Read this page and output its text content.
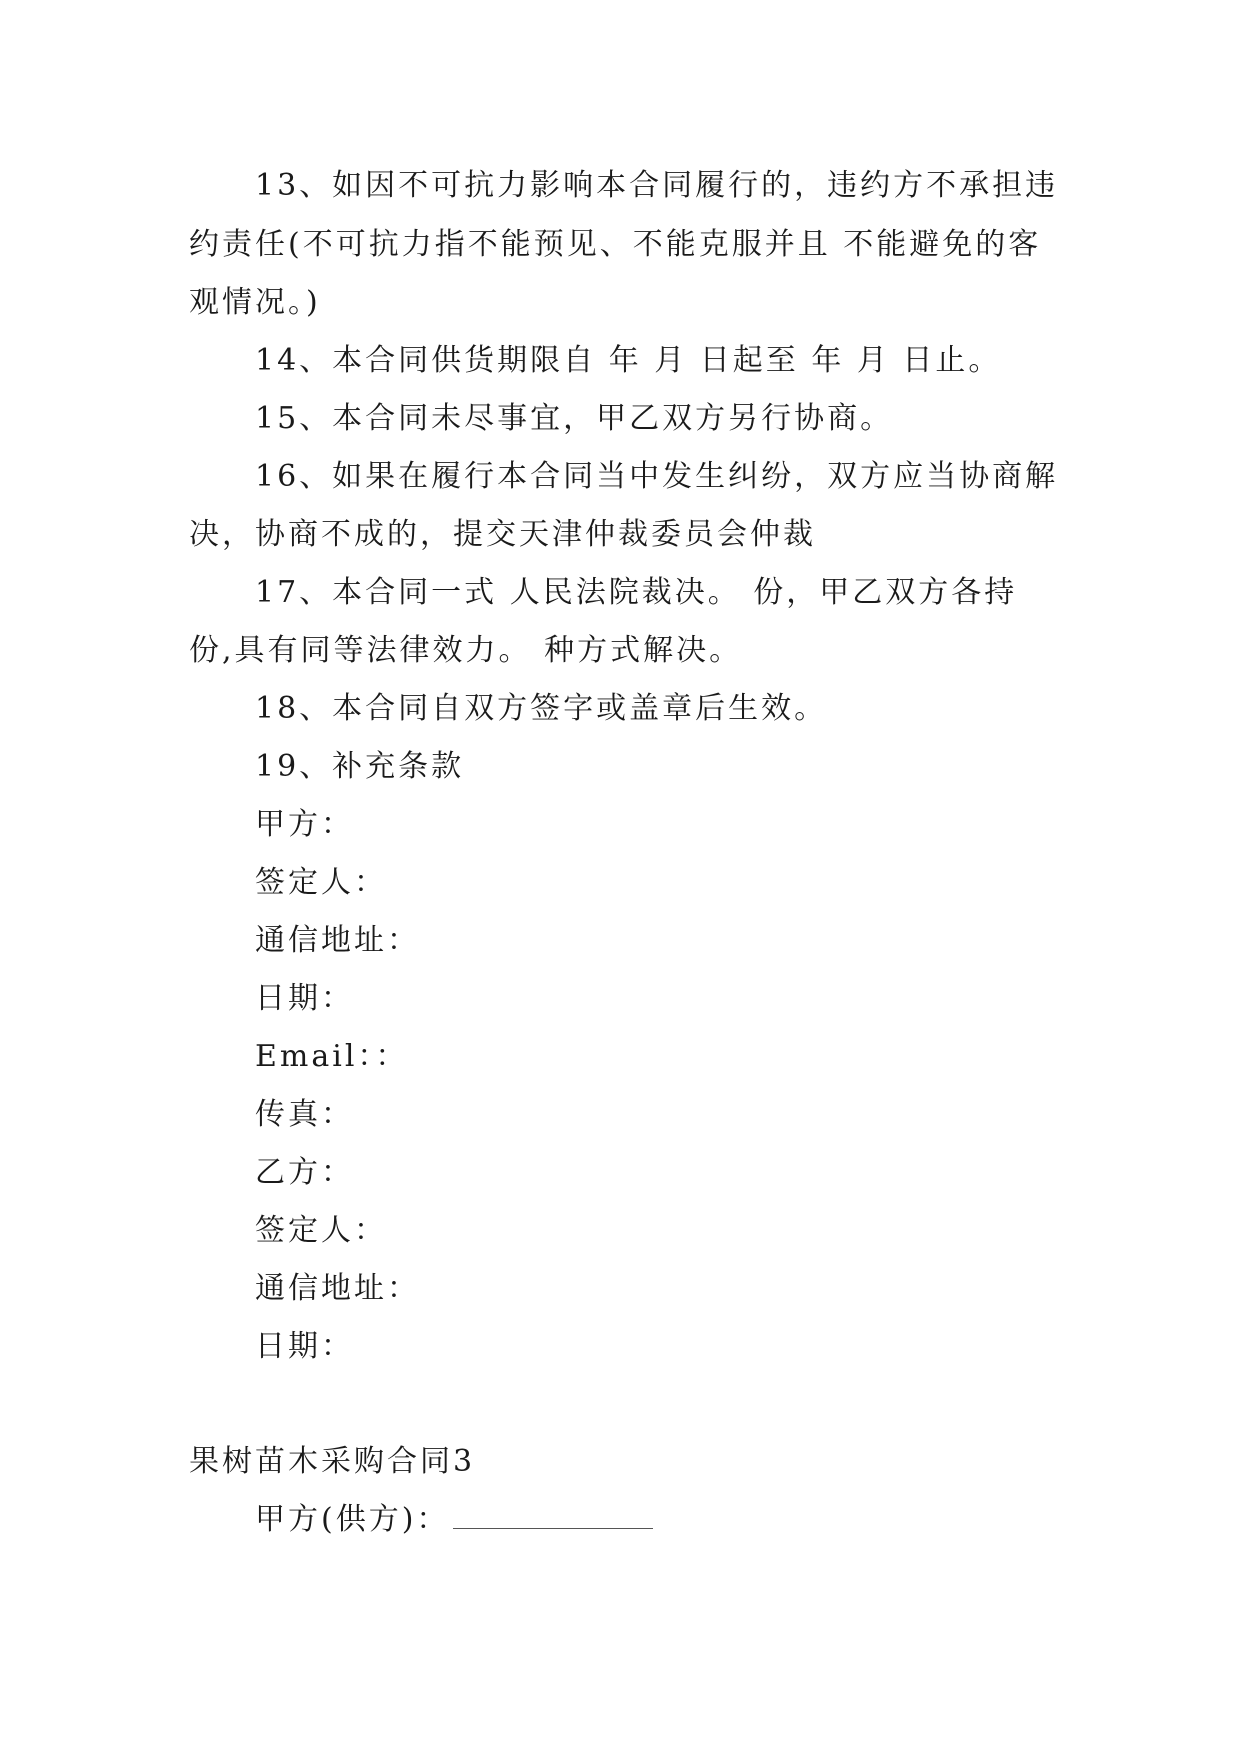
13、如因不可抗力影响本合同履行的，违约方不承担违
约责任(不可抗力指不能预见、不能克服并且 不能避免的客
观情况。)
14、本合同供货期限自 年 月 日起至 年 月 日止。
15、本合同未尽事宜，甲乙双方另行协商。
16、如果在履行本合同当中发生纠纷，双方应当协商解
决，协商不成的，提交天津仲裁委员会仲裁
17、本合同一式 人民法院裁决。 份，甲乙双方各持
份,具有同等法律效力。 种方式解决。
18、本合同自双方签字或盖章后生效。
19、补充条款
甲方：
签定人：
通信地址：
日期：
Email：：
传真：
乙方：
签定人：
通信地址：
日期：
果树苗木采购合同3
甲方(供方)：
